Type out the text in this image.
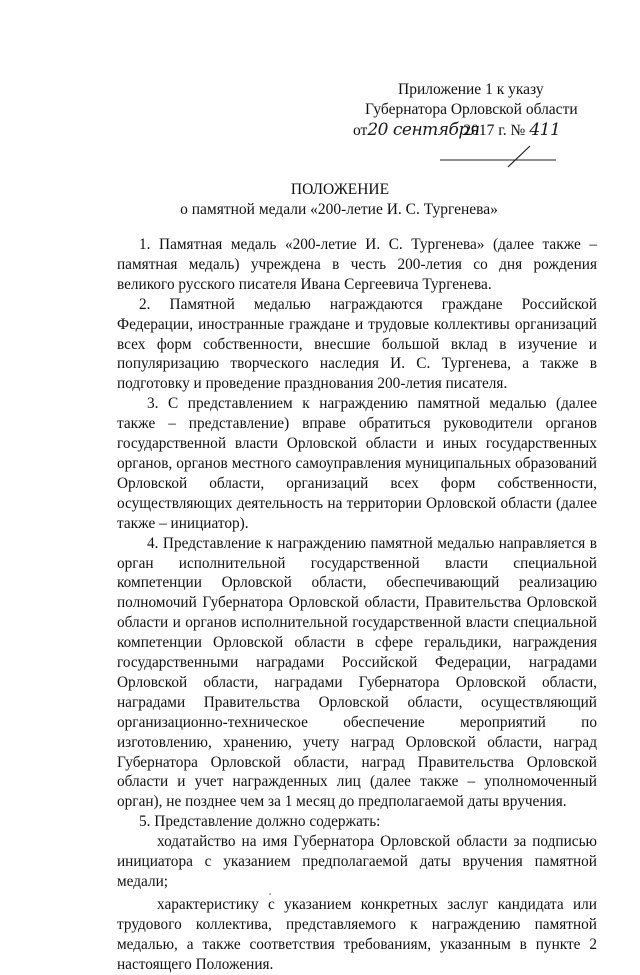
Приложение 1 к указу
Губернатора Орловской области
от20 сентября2017 г. № 411
ПОЛОЖЕНИЕ
о памятной медали «200-летие И. С. Тургенева»

1. Памятная медаль «200-летие И. С. Тургенева» (далее также – памятная медаль) учреждена в честь 200-летия со дня рождения великого русского писателя Ивана Сергеевича Тургенева.

2. Памятной медалью награждаются граждане Российской Федерации, иностранные граждане и трудовые коллективы организаций всех форм собственности, внесшие большой вклад в изучение и популяризацию творческого наследия И. С. Тургенева, а также в подготовку и проведение празднования 200-летия писателя.

3. С представлением к награждению памятной медалью (далее также – представление) вправе обратиться руководители органов государственной власти Орловской области и иных государственных органов, органов местного самоуправления муниципальных образований Орловской области, организаций всех форм собственности, осуществляющих деятельность на территории Орловской области (далее также – инициатор).

4. Представление к награждению памятной медалью направляется в орган исполнительной государственной власти специальной компетенции Орловской области, обеспечивающий реализацию полномочий Губернатора Орловской области, Правительства Орловской области и органов исполнительной государственной власти специальной компетенции Орловской области в сфере геральдики, награждения государственными наградами Российской Федерации, наградами Орловской области, наградами Губернатора Орловской области, наградами Правительства Орловской области, осуществляющий организационно-техническое обеспечение мероприятий по изготовлению, хранению, учету наград Орловской области, наград Губернатора Орловской области, наград Правительства Орловской области и учет награжденных лиц (далее также – уполномоченный орган), не позднее чем за 1 месяц до предполагаемой даты вручения.

5. Представление должно содержать:

ходатайство на имя Губернатора Орловской области за подписью инициатора с указанием предполагаемой даты вручения памятной медали;

характеристику с указанием конкретных заслуг кандидата или трудового коллектива, представляемого к награждению памятной медалью, а также соответствия требованиям, указанным в пункте 2 настоящего Положения.
